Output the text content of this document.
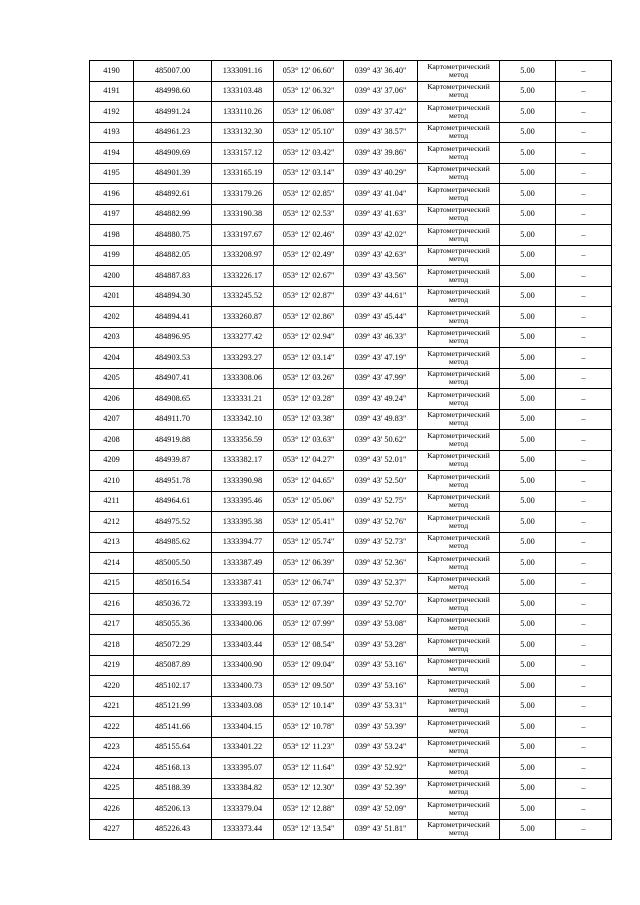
4190	485007.00	1333091.16	053° 12' 06.60"	039° 43' 36.40"	Картометрический метод	5.00	–
4191	484998.60	1333103.48	053° 12' 06.32"	039° 43' 37.06"	Картометрический метод	5.00	–
4192	484991.24	1333110.26	053° 12' 06.08"	039° 43' 37.42"	Картометрический метод	5.00	–
4193	484961.23	1333132.30	053° 12' 05.10"	039° 43' 38.57"	Картометрический метод	5.00	–
4194	484909.69	1333157.12	053° 12' 03.42"	039° 43' 39.86"	Картометрический метод	5.00	–
4195	484901.39	1333165.19	053° 12' 03.14"	039° 43' 40.29"	Картометрический метод	5.00	–
4196	484892.61	1333179.26	053° 12' 02.85"	039° 43' 41.04"	Картометрический метод	5.00	–
4197	484882.99	1333190.38	053° 12' 02.53"	039° 43' 41.63"	Картометрический метод	5.00	–
4198	484880.75	1333197.67	053° 12' 02.46"	039° 43' 42.02"	Картометрический метод	5.00	–
4199	484882.05	1333208.97	053° 12' 02.49"	039° 43' 42.63"	Картометрический метод	5.00	–
4200	484887.83	1333226.17	053° 12' 02.67"	039° 43' 43.56"	Картометрический метод	5.00	–
4201	484894.30	1333245.52	053° 12' 02.87"	039° 43' 44.61"	Картометрический метод	5.00	–
4202	484894.41	1333260.87	053° 12' 02.86"	039° 43' 45.44"	Картометрический метод	5.00	–
4203	484896.95	1333277.42	053° 12' 02.94"	039° 43' 46.33"	Картометрический метод	5.00	–
4204	484903.53	1333293.27	053° 12' 03.14"	039° 43' 47.19"	Картометрический метод	5.00	–
4205	484907.41	1333308.06	053° 12' 03.26"	039° 43' 47.99"	Картометрический метод	5.00	–
4206	484908.65	1333331.21	053° 12' 03.28"	039° 43' 49.24"	Картометрический метод	5.00	–
4207	484911.70	1333342.10	053° 12' 03.38"	039° 43' 49.83"	Картометрический метод	5.00	–
4208	484919.88	1333356.59	053° 12' 03.63"	039° 43' 50.62"	Картометрический метод	5.00	–
4209	484939.87	1333382.17	053° 12' 04.27"	039° 43' 52.01"	Картометрический метод	5.00	–
4210	484951.78	1333390.98	053° 12' 04.65"	039° 43' 52.50"	Картометрический метод	5.00	–
4211	484964.61	1333395.46	053° 12' 05.06"	039° 43' 52.75"	Картометрический метод	5.00	–
4212	484975.52	1333395.38	053° 12' 05.41"	039° 43' 52.76"	Картометрический метод	5.00	–
4213	484985.62	1333394.77	053° 12' 05.74"	039° 43' 52.73"	Картометрический метод	5.00	–
4214	485005.50	1333387.49	053° 12' 06.39"	039° 43' 52.36"	Картометрический метод	5.00	–
4215	485016.54	1333387.41	053° 12' 06.74"	039° 43' 52.37"	Картометрический метод	5.00	–
4216	485036.72	1333393.19	053° 12' 07.39"	039° 43' 52.70"	Картометрический метод	5.00	–
4217	485055.36	1333400.06	053° 12' 07.99"	039° 43' 53.08"	Картометрический метод	5.00	–
4218	485072.29	1333403.44	053° 12' 08.54"	039° 43' 53.28"	Картометрический метод	5.00	–
4219	485087.89	1333400.90	053° 12' 09.04"	039° 43' 53.16"	Картометрический метод	5.00	–
4220	485102.17	1333400.73	053° 12' 09.50"	039° 43' 53.16"	Картометрический метод	5.00	–
4221	485121.99	1333403.08	053° 12' 10.14"	039° 43' 53.31"	Картометрический метод	5.00	–
4222	485141.66	1333404.15	053° 12' 10.78"	039° 43' 53.39"	Картометрический метод	5.00	–
4223	485155.64	1333401.22	053° 12' 11.23"	039° 43' 53.24"	Картометрический метод	5.00	–
4224	485168.13	1333395.07	053° 12' 11.64"	039° 43' 52.92"	Картометрический метод	5.00	–
4225	485188.39	1333384.82	053° 12' 12.30"	039° 43' 52.39"	Картометрический метод	5.00	–
4226	485206.13	1333379.04	053° 12' 12.88"	039° 43' 52.09"	Картометрический метод	5.00	–
4227	485226.43	1333373.44	053° 12' 13.54"	039° 43' 51.81"	Картометрический метод	5.00	–
